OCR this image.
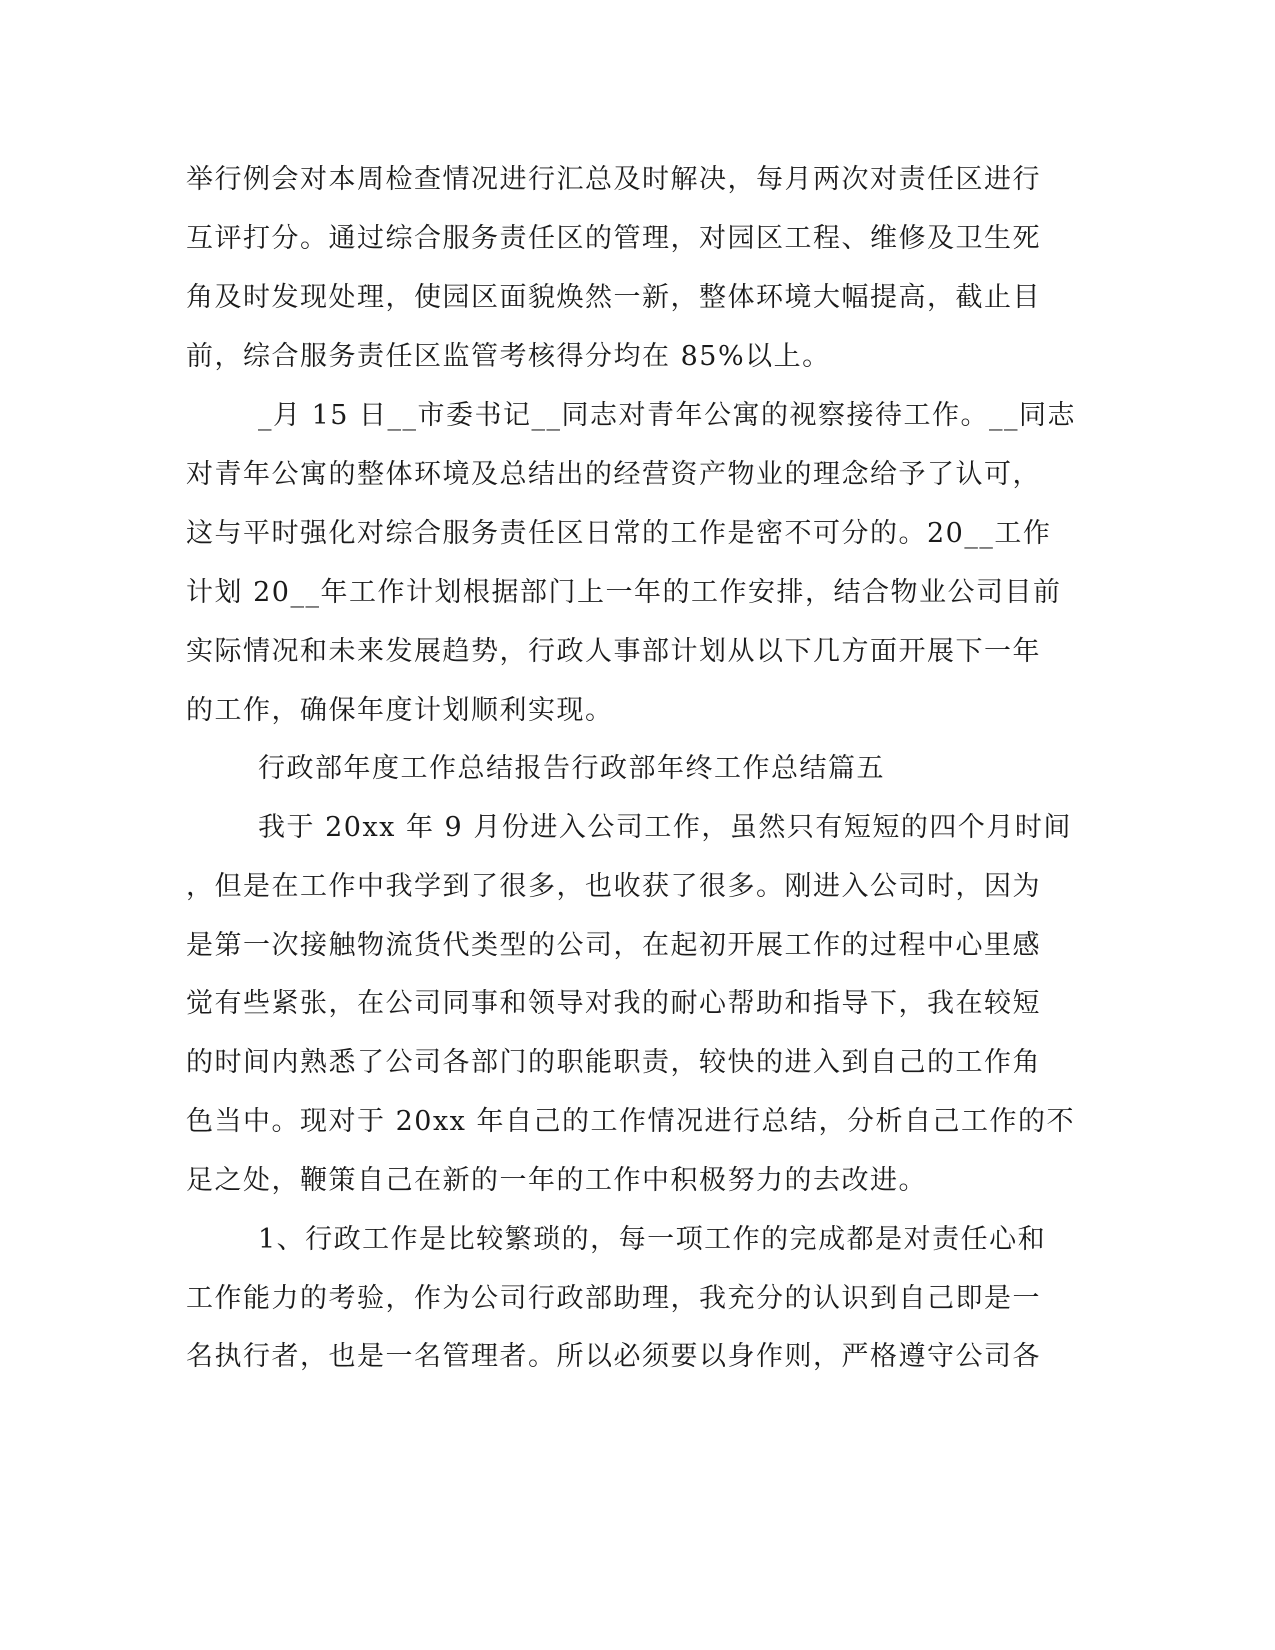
举行例会对本周检查情况进行汇总及时解决，每月两次对责任区进行
互评打分。通过综合服务责任区的管理，对园区工程、维修及卫生死
角及时发现处理，使园区面貌焕然一新，整体环境大幅提高，截止目
前，综合服务责任区监管考核得分均在 85%以上。
_月 15 日__市委书记__同志对青年公寓的视察接待工作。__同志
对青年公寓的整体环境及总结出的经营资产物业的理念给予了认可，
这与平时强化对综合服务责任区日常的工作是密不可分的。20__工作
计划 20__年工作计划根据部门上一年的工作安排，结合物业公司目前
实际情况和未来发展趋势，行政人事部计划从以下几方面开展下一年
的工作，确保年度计划顺利实现。
行政部年度工作总结报告行政部年终工作总结篇五
我于 20xx 年 9 月份进入公司工作，虽然只有短短的四个月时间
，但是在工作中我学到了很多，也收获了很多。刚进入公司时，因为
是第一次接触物流货代类型的公司，在起初开展工作的过程中心里感
觉有些紧张，在公司同事和领导对我的耐心帮助和指导下，我在较短
的时间内熟悉了公司各部门的职能职责，较快的进入到自己的工作角
色当中。现对于 20xx 年自己的工作情况进行总结，分析自己工作的不
足之处，鞭策自己在新的一年的工作中积极努力的去改进。
1、行政工作是比较繁琐的，每一项工作的完成都是对责任心和
工作能力的考验，作为公司行政部助理，我充分的认识到自己即是一
名执行者，也是一名管理者。所以必须要以身作则，严格遵守公司各
